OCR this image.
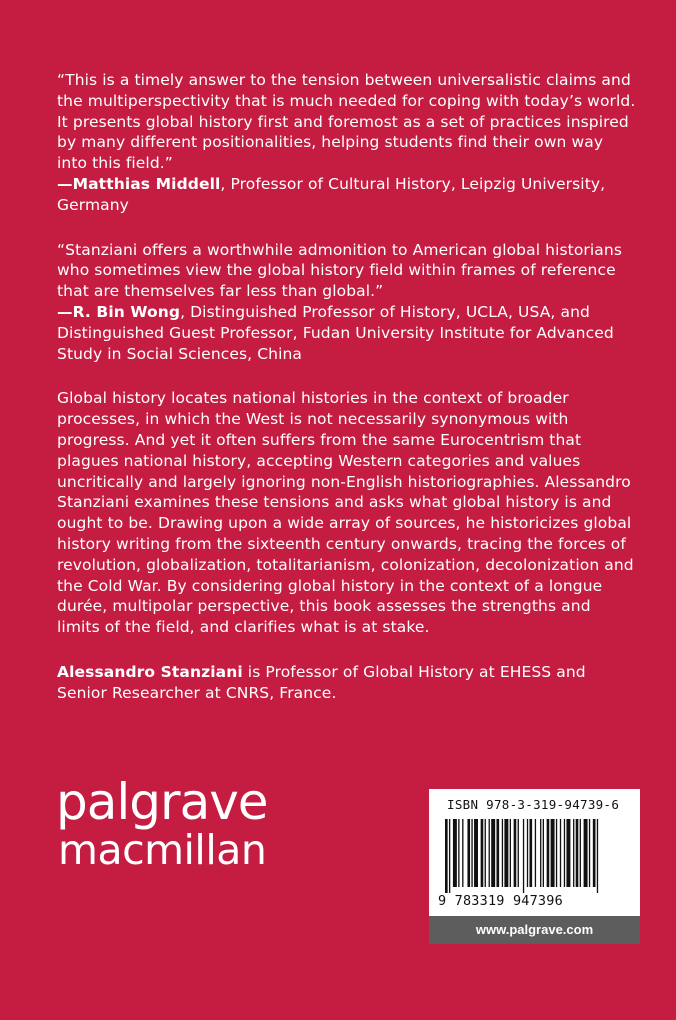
“This is a timely answer to the tension between universalistic claims and the multiperspectivity that is much needed for coping with today’s world. It presents global history first and foremost as a set of practices inspired by many different positionalities, helping students find their own way into this field.”

—Matthias Middell, Professor of Cultural History, Leipzig University, Germany

“Stanziani offers a worthwhile admonition to American global historians who sometimes view the global history field within frames of reference that are themselves far less than global.”

—R. Bin Wong, Distinguished Professor of History, UCLA, USA, and Distinguished Guest Professor, Fudan University Institute for Advanced Study in Social Sciences, China

Global history locates national histories in the context of broader processes, in which the West is not necessarily synonymous with progress. And yet it often suffers from the same Eurocentrism that plagues national history, accepting Western categories and values uncritically and largely ignoring non-English historiographies. Alessandro Stanziani examines these tensions and asks what global history is and ought to be. Drawing upon a wide array of sources, he historicizes global history writing from the sixteenth century onwards, tracing the forces of revolution, globalization, totalitarianism, colonization, decolonization and the Cold War. By considering global history in the context of a longue durée, multipolar perspective, this book assesses the strengths and limits of the field, and clarifies what is at stake.

Alessandro Stanziani is Professor of Global History at EHESS and Senior Researcher at CNRS, France.

palgrave
macmillan
ISBN 978-3-319-94739-6
9 783319 947396
www.palgrave.com
